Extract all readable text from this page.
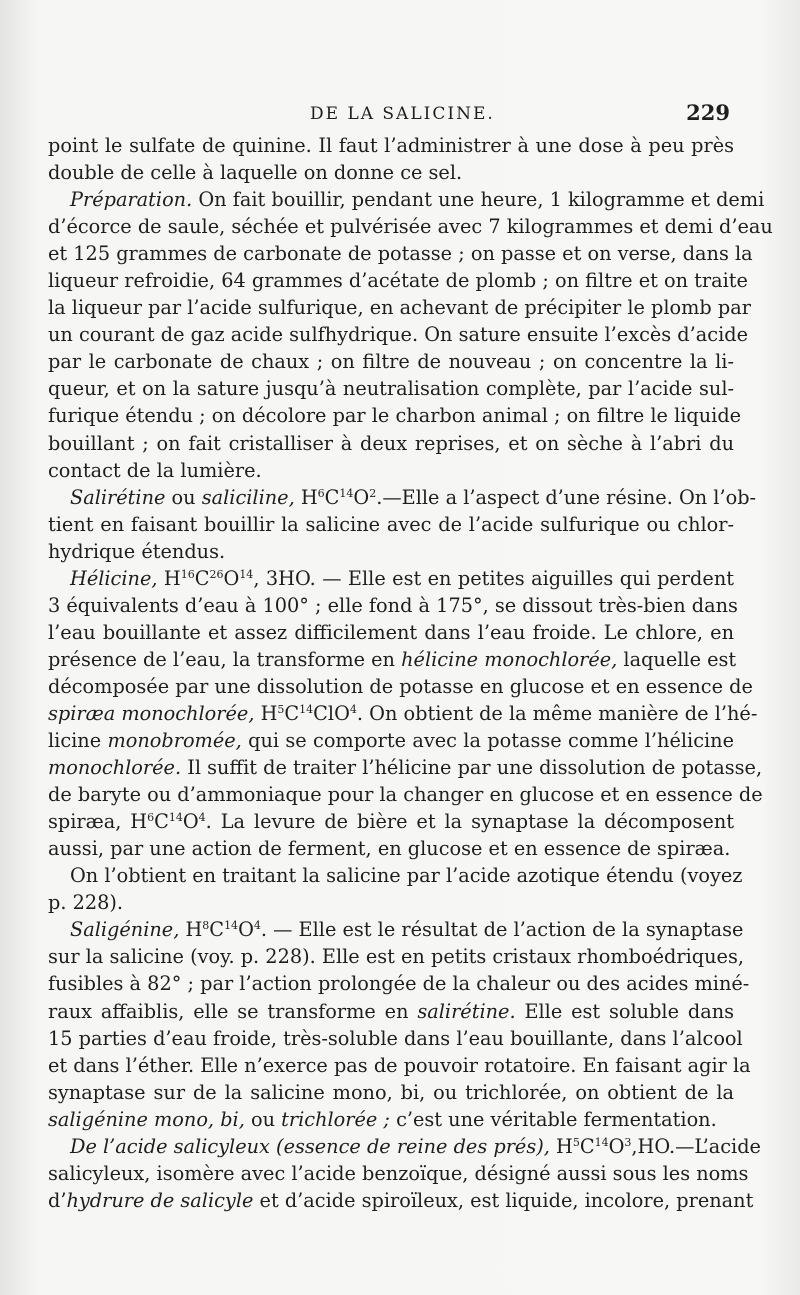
DE LA SALICINE.	229
point le sulfate de quinine. Il faut l’administrer à une dose à peu près
double de celle à laquelle on donne ce sel.
Préparation. On fait bouillir, pendant une heure, 1 kilogramme et demi
d’écorce de saule, séchée et pulvérisée avec 7 kilogrammes et demi d’eau
et 125 grammes de carbonate de potasse ; on passe et on verse, dans la
liqueur refroidie, 64 grammes d’acétate de plomb ; on filtre et on traite
la liqueur par l’acide sulfurique, en achevant de précipiter le plomb par
un courant de gaz acide sulfhydrique. On sature ensuite l’excès d’acide
par le carbonate de chaux ; on filtre de nouveau ; on concentre la li-
queur, et on la sature jusqu’à neutralisation complète, par l’acide sul-
furique étendu ; on décolore par le charbon animal ; on filtre le liquide
bouillant ; on fait cristalliser à deux reprises, et on sèche à l’abri du
contact de la lumière.
Salirétine ou saliciline, $H^6C^{14}O^2.—Elle$ a l’aspect d’une résine. On l’ob-
tient en faisant bouillir la salicine avec de l’acide sulfurique ou chlor-
hydrique étendus.
Hélicine, $H^{16}C^{26}O^{14}$, 3HO. — Elle est en petites aiguilles qui perdent
3 équivalents d’eau à 100° ; elle fond à 175°, se dissout très-bien dans
l’eau bouillante et assez difficilement dans l’eau froide. Le chlore, en
présence de l’eau, la transforme en hélicine monochlorée, laquelle est
décomposée par une dissolution de potasse en glucose et en essence de
spiræa monochlorée, $H^5C^{14}ClO^4$. On obtient de la même manière de l’hé-
licine monobromée, qui se comporte avec la potasse comme l’hélicine
monochlorée. Il suffit de traiter l’hélicine par une dissolution de potasse,
de baryte ou d’ammoniaque pour la changer en glucose et en essence de
spiræa, $H^6C^{14}O^4$. La levure de bière et la synaptase la décomposent
aussi, par une action de ferment, en glucose et en essence de spiræa.
On l’obtient en traitant la salicine par l’acide azotique étendu (voyez
p. 228).
Saligénine, $H^8C^{14}O^4$. — Elle est le résultat de l’action de la synaptase
sur la salicine (voy. p. 228). Elle est en petits cristaux rhomboédriques,
fusibles à 82° ; par l’action prolongée de la chaleur ou des acides miné-
raux affaiblis, elle se transforme en salirétine. Elle est soluble dans
15 parties d’eau froide, très-soluble dans l’eau bouillante, dans l’alcool
et dans l’éther. Elle n’exerce pas de pouvoir rotatoire. En faisant agir la
synaptase sur de la salicine mono, bi, ou trichlorée, on obtient de la
saligénine mono, bi, ou trichlorée ; c’est une véritable fermentation.
De l’acide salicyleux (essence de reine des prés), $H^5C^{14}O^3,HO.—L’acide$
salicyleux, isomère avec l’acide benzoïque, désigné aussi sous les noms
d’hydrure de salicyle et d’acide spiroïleux, est liquide, incolore, prenant
